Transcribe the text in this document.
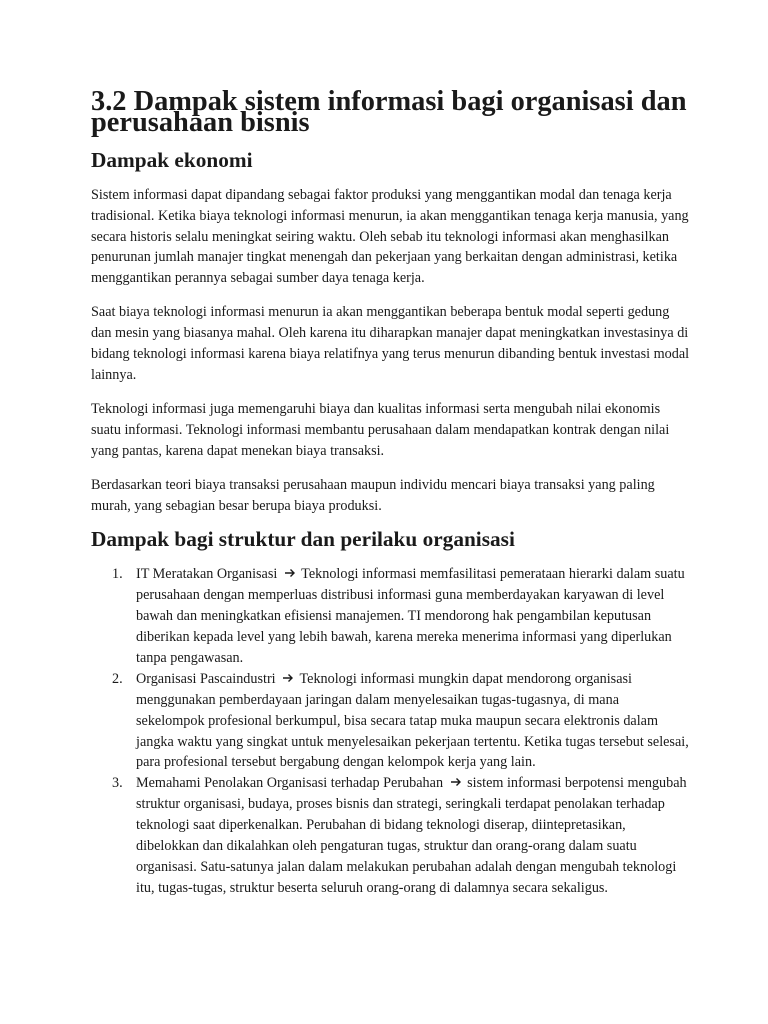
3.2 Dampak sistem informasi bagi organisasi dan perusahaan bisnis
Dampak ekonomi

Sistem informasi dapat dipandang sebagai faktor produksi yang menggantikan modal dan tenaga kerja tradisional. Ketika biaya teknologi informasi menurun, ia akan menggantikan tenaga kerja manusia, yang secara historis selalu meningkat seiring waktu. Oleh sebab itu teknologi informasi akan menghasilkan penurunan jumlah manajer tingkat menengah dan pekerjaan yang berkaitan dengan administrasi, ketika menggantikan perannya sebagai sumber daya tenaga kerja.

Saat biaya teknologi informasi menurun ia akan menggantikan beberapa bentuk modal seperti gedung dan mesin yang biasanya mahal. Oleh karena itu diharapkan manajer dapat meningkatkan investasinya di bidang teknologi informasi karena biaya relatifnya yang terus menurun dibanding bentuk investasi modal lainnya.

Teknologi informasi juga memengaruhi biaya dan kualitas informasi serta mengubah nilai ekonomis suatu informasi. Teknologi informasi membantu perusahaan dalam mendapatkan kontrak dengan nilai yang pantas, karena dapat menekan biaya transaksi.

Berdasarkan teori biaya transaksi perusahaan maupun individu mencari biaya transaksi yang paling murah, yang sebagian besar berupa biaya produksi.

Dampak bagi struktur dan perilaku organisasi
1. IT Meratakan Organisasi Teknologi informasi memfasilitasi pemerataan hierarki dalam suatu perusahaan dengan memperluas distribusi informasi guna memberdayakan karyawan di level bawah dan meningkatkan efisiensi manajemen. TI mendorong hak pengambilan keputusan diberikan kepada level yang lebih bawah, karena mereka menerima informasi yang diperlukan tanpa pengawasan.
2. Organisasi Pascaindustri Teknologi informasi mungkin dapat mendorong organisasi menggunakan pemberdayaan jaringan dalam menyelesaikan tugas-tugasnya, di mana sekelompok profesional berkumpul, bisa secara tatap muka maupun secara elektronis dalam jangka waktu yang singkat untuk menyelesaikan pekerjaan tertentu. Ketika tugas tersebut selesai, para profesional tersebut bergabung dengan kelompok kerja yang lain.
3. Memahami Penolakan Organisasi terhadap Perubahan sistem informasi berpotensi mengubah struktur organisasi, budaya, proses bisnis dan strategi, seringkali terdapat penolakan terhadap teknologi saat diperkenalkan. Perubahan di bidang teknologi diserap, diintepretasikan, dibelokkan dan dikalahkan oleh pengaturan tugas, struktur dan orang-orang dalam suatu organisasi. Satu-satunya jalan dalam melakukan perubahan adalah dengan mengubah teknologi itu, tugas-tugas, struktur beserta seluruh orang-orang di dalamnya secara sekaligus.
